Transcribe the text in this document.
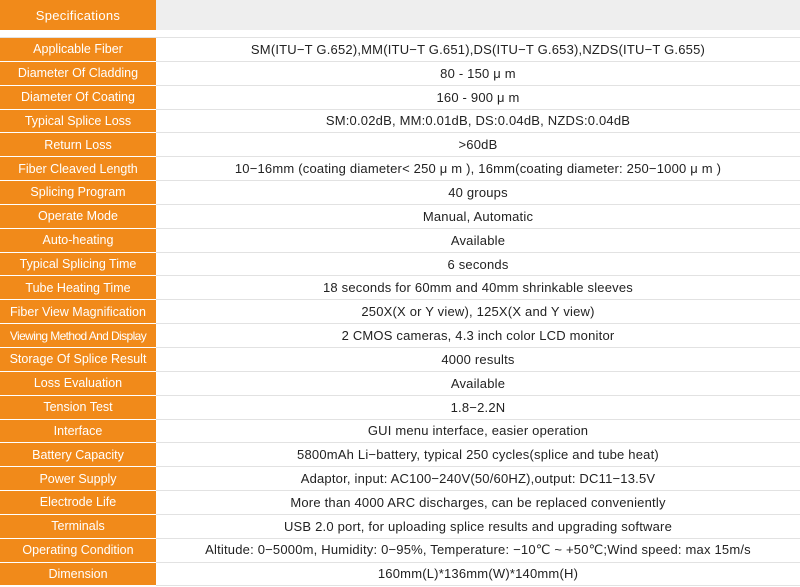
Specifications
Applicable Fiber	SM(ITU−T G.652),MM(ITU−T G.651),DS(ITU−T G.653),NZDS(ITU−T G.655)
Diameter Of Cladding	80 - 150 μ m
Diameter Of Coating	160 - 900 μ m
Typical Splice Loss	SM:0.02dB, MM:0.01dB, DS:0.04dB, NZDS:0.04dB
Return Loss	>60dB
Fiber Cleaved Length	10−16mm (coating diameter< 250 μ m ), 16mm(coating diameter: 250−1000 μ m )
Splicing Program	40 groups
Operate Mode	Manual, Automatic
Auto-heating	Available
Typical Splicing Time	6 seconds
Tube Heating Time	18 seconds for 60mm and 40mm shrinkable sleeves
Fiber View Magnification	250X(X or Y view), 125X(X and Y view)
Viewing Method And Display	2 CMOS cameras, 4.3 inch color LCD monitor
Storage Of Splice Result	4000 results
Loss Evaluation	Available
Tension Test	1.8−2.2N
Interface	GUI menu interface, easier operation
Battery Capacity	5800mAh Li−battery, typical 250 cycles(splice and tube heat)
Power Supply	Adaptor, input: AC100−240V(50/60HZ),output: DC11−13.5V
Electrode Life	More than 4000 ARC discharges, can be replaced conveniently
Terminals	USB 2.0 port, for uploading splice results and upgrading software
Operating Condition	Altitude: 0−5000m, Humidity: 0−95%, Temperature: −10℃ ~ +50℃;Wind speed: max 15m/s
Dimension	160mm(L)*136mm(W)*140mm(H)
